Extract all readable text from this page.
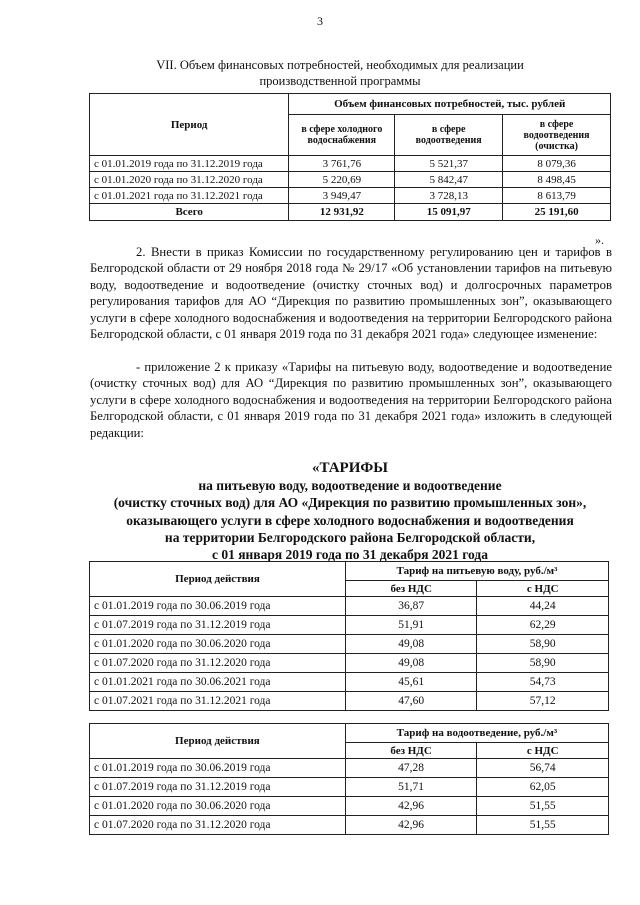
3
VII. Объем финансовых потребностей, необходимых для реализации
производственной программы
Период	Объем финансовых потребностей, тыс. рублей		
	в сфере холодного водоснабжения	в сфере водоотведения	в сфере водоотведения (очистка)
с 01.01.2019 года по 31.12.2019 года	3 761,76	5 521,37	8 079,36
с 01.01.2020 года по 31.12.2020 года	5 220,69	5 842,47	8 498,45
с 01.01.2021 года по 31.12.2021 года	3 949,47	3 728,13	8 613,79
Всего	12 931,92	15 091,97	25 191,60
».
2. Внести в приказ Комиссии по государственному регулированию цен и тарифов в Белгородской области от 29 ноября 2018 года № 29/17 «Об установлении тарифов на питьевую воду, водоотведение и водоотведение (очистку сточных вод) и долгосрочных параметров регулирования тарифов для АО “Дирекция по развитию промышленных зон”, оказывающего услуги в сфере холодного водоснабжения и водоотведения на территории Белгородского района Белгородской области, с 01 января 2019 года по 31 декабря 2021 года» следующее изменение:
- приложение 2 к приказу «Тарифы на питьевую воду, водоотведение и водоотведение (очистку сточных вод) для АО “Дирекция по развитию промышленных зон”, оказывающего услуги в сфере холодного водоснабжения и водоотведения на территории Белгородского района Белгородской области, с 01 января 2019 года по 31 декабря 2021 года» изложить в следующей редакции:
«ТАРИФЫ
на питьевую воду, водоотведение и водоотведение
(очистку сточных вод) для АО «Дирекция по развитию промышленных зон»,
оказывающего услуги в сфере холодного водоснабжения и водоотведения
на территории Белгородского района Белгородской области,
с 01 января 2019 года по 31 декабря 2021 года
Период действия	Тариф на питьевую воду, руб./м³	
	без НДС	с НДС
с 01.01.2019 года по 30.06.2019 года	36,87	44,24
с 01.07.2019 года по 31.12.2019 года	51,91	62,29
с 01.01.2020 года по 30.06.2020 года	49,08	58,90
с 01.07.2020 года по 31.12.2020 года	49,08	58,90
с 01.01.2021 года по 30.06.2021 года	45,61	54,73
с 01.07.2021 года по 31.12.2021 года	47,60	57,12
Период действия	Тариф на водоотведение, руб./м³	
	без НДС	с НДС
с 01.01.2019 года по 30.06.2019 года	47,28	56,74
с 01.07.2019 года по 31.12.2019 года	51,71	62,05
с 01.01.2020 года по 30.06.2020 года	42,96	51,55
с 01.07.2020 года по 31.12.2020 года	42,96	51,55
